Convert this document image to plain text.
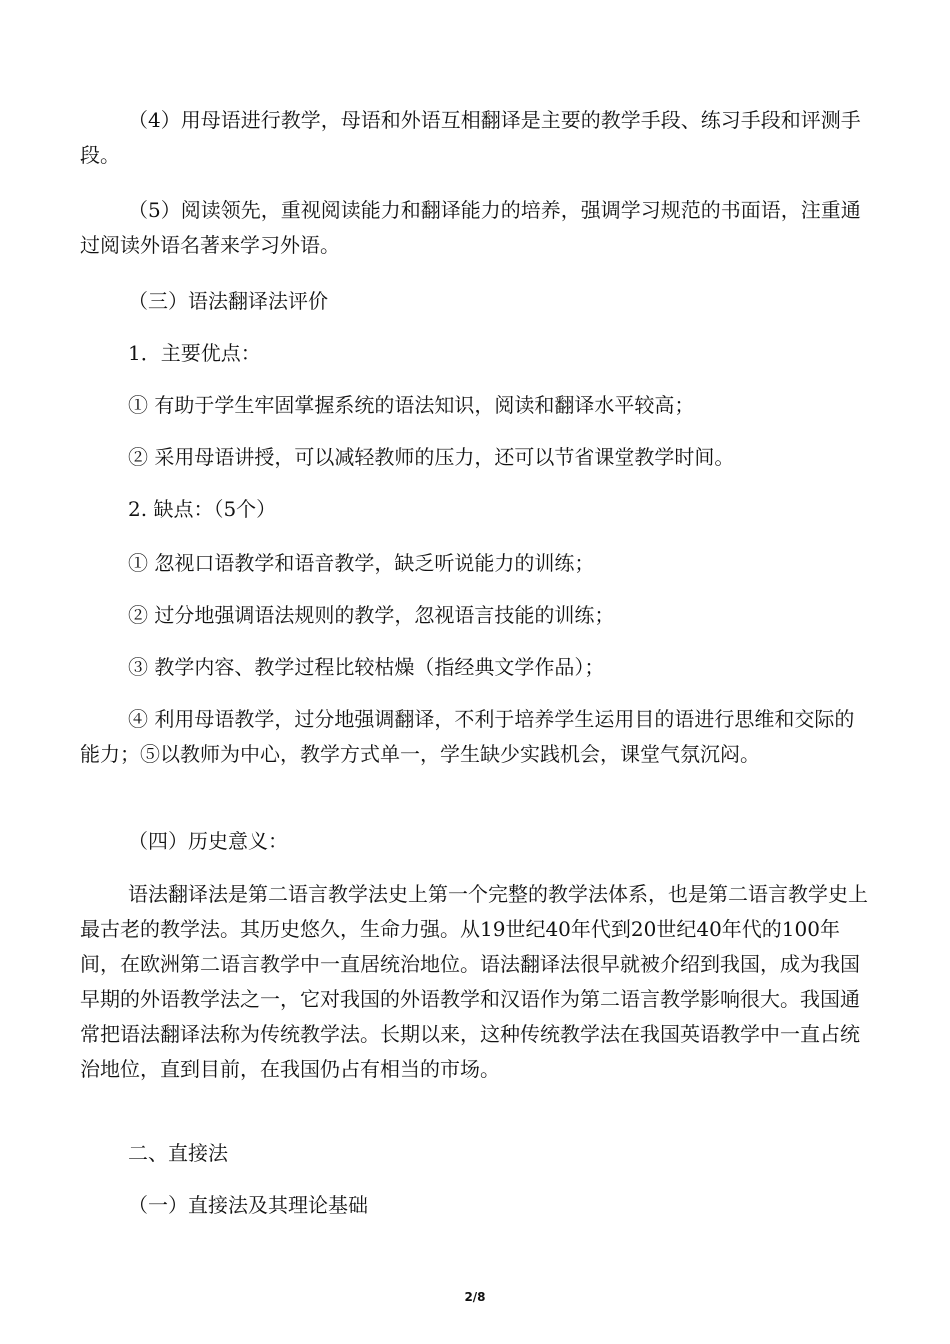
（4）用母语进行教学，母语和外语互相翻译是主要的教学手段、练习手段和评测手段。
（5）阅读领先，重视阅读能力和翻译能力的培养，强调学习规范的书面语，注重通过阅读外语名著来学习外语。
（三）语法翻译法评价
1．主要优点：
① 有助于学生牢固掌握系统的语法知识，阅读和翻译水平较高；
② 采用母语讲授，可以减轻教师的压力，还可以节省课堂教学时间。
2. 缺点：（5个）
① 忽视口语教学和语音教学，缺乏听说能力的训练；
② 过分地强调语法规则的教学，忽视语言技能的训练；
③ 教学内容、教学过程比较枯燥（指经典文学作品）；
④ 利用母语教学，过分地强调翻译，不利于培养学生运用目的语进行思维和交际的能力；⑤以教师为中心，教学方式单一，学生缺少实践机会，课堂气氛沉闷。
（四）历史意义：
语法翻译法是第二语言教学法史上第一个完整的教学法体系，也是第二语言教学史上最古老的教学法。其历史悠久，生命力强。从19世纪40年代到20世纪40年代的100年间，在欧洲第二语言教学中一直居统治地位。语法翻译法很早就被介绍到我国，成为我国早期的外语教学法之一，它对我国的外语教学和汉语作为第二语言教学影响很大。我国通常把语法翻译法称为传统教学法。长期以来，这种传统教学法在我国英语教学中一直占统治地位，直到目前，在我国仍占有相当的市场。
二、直接法
（一）直接法及其理论基础
2/8
